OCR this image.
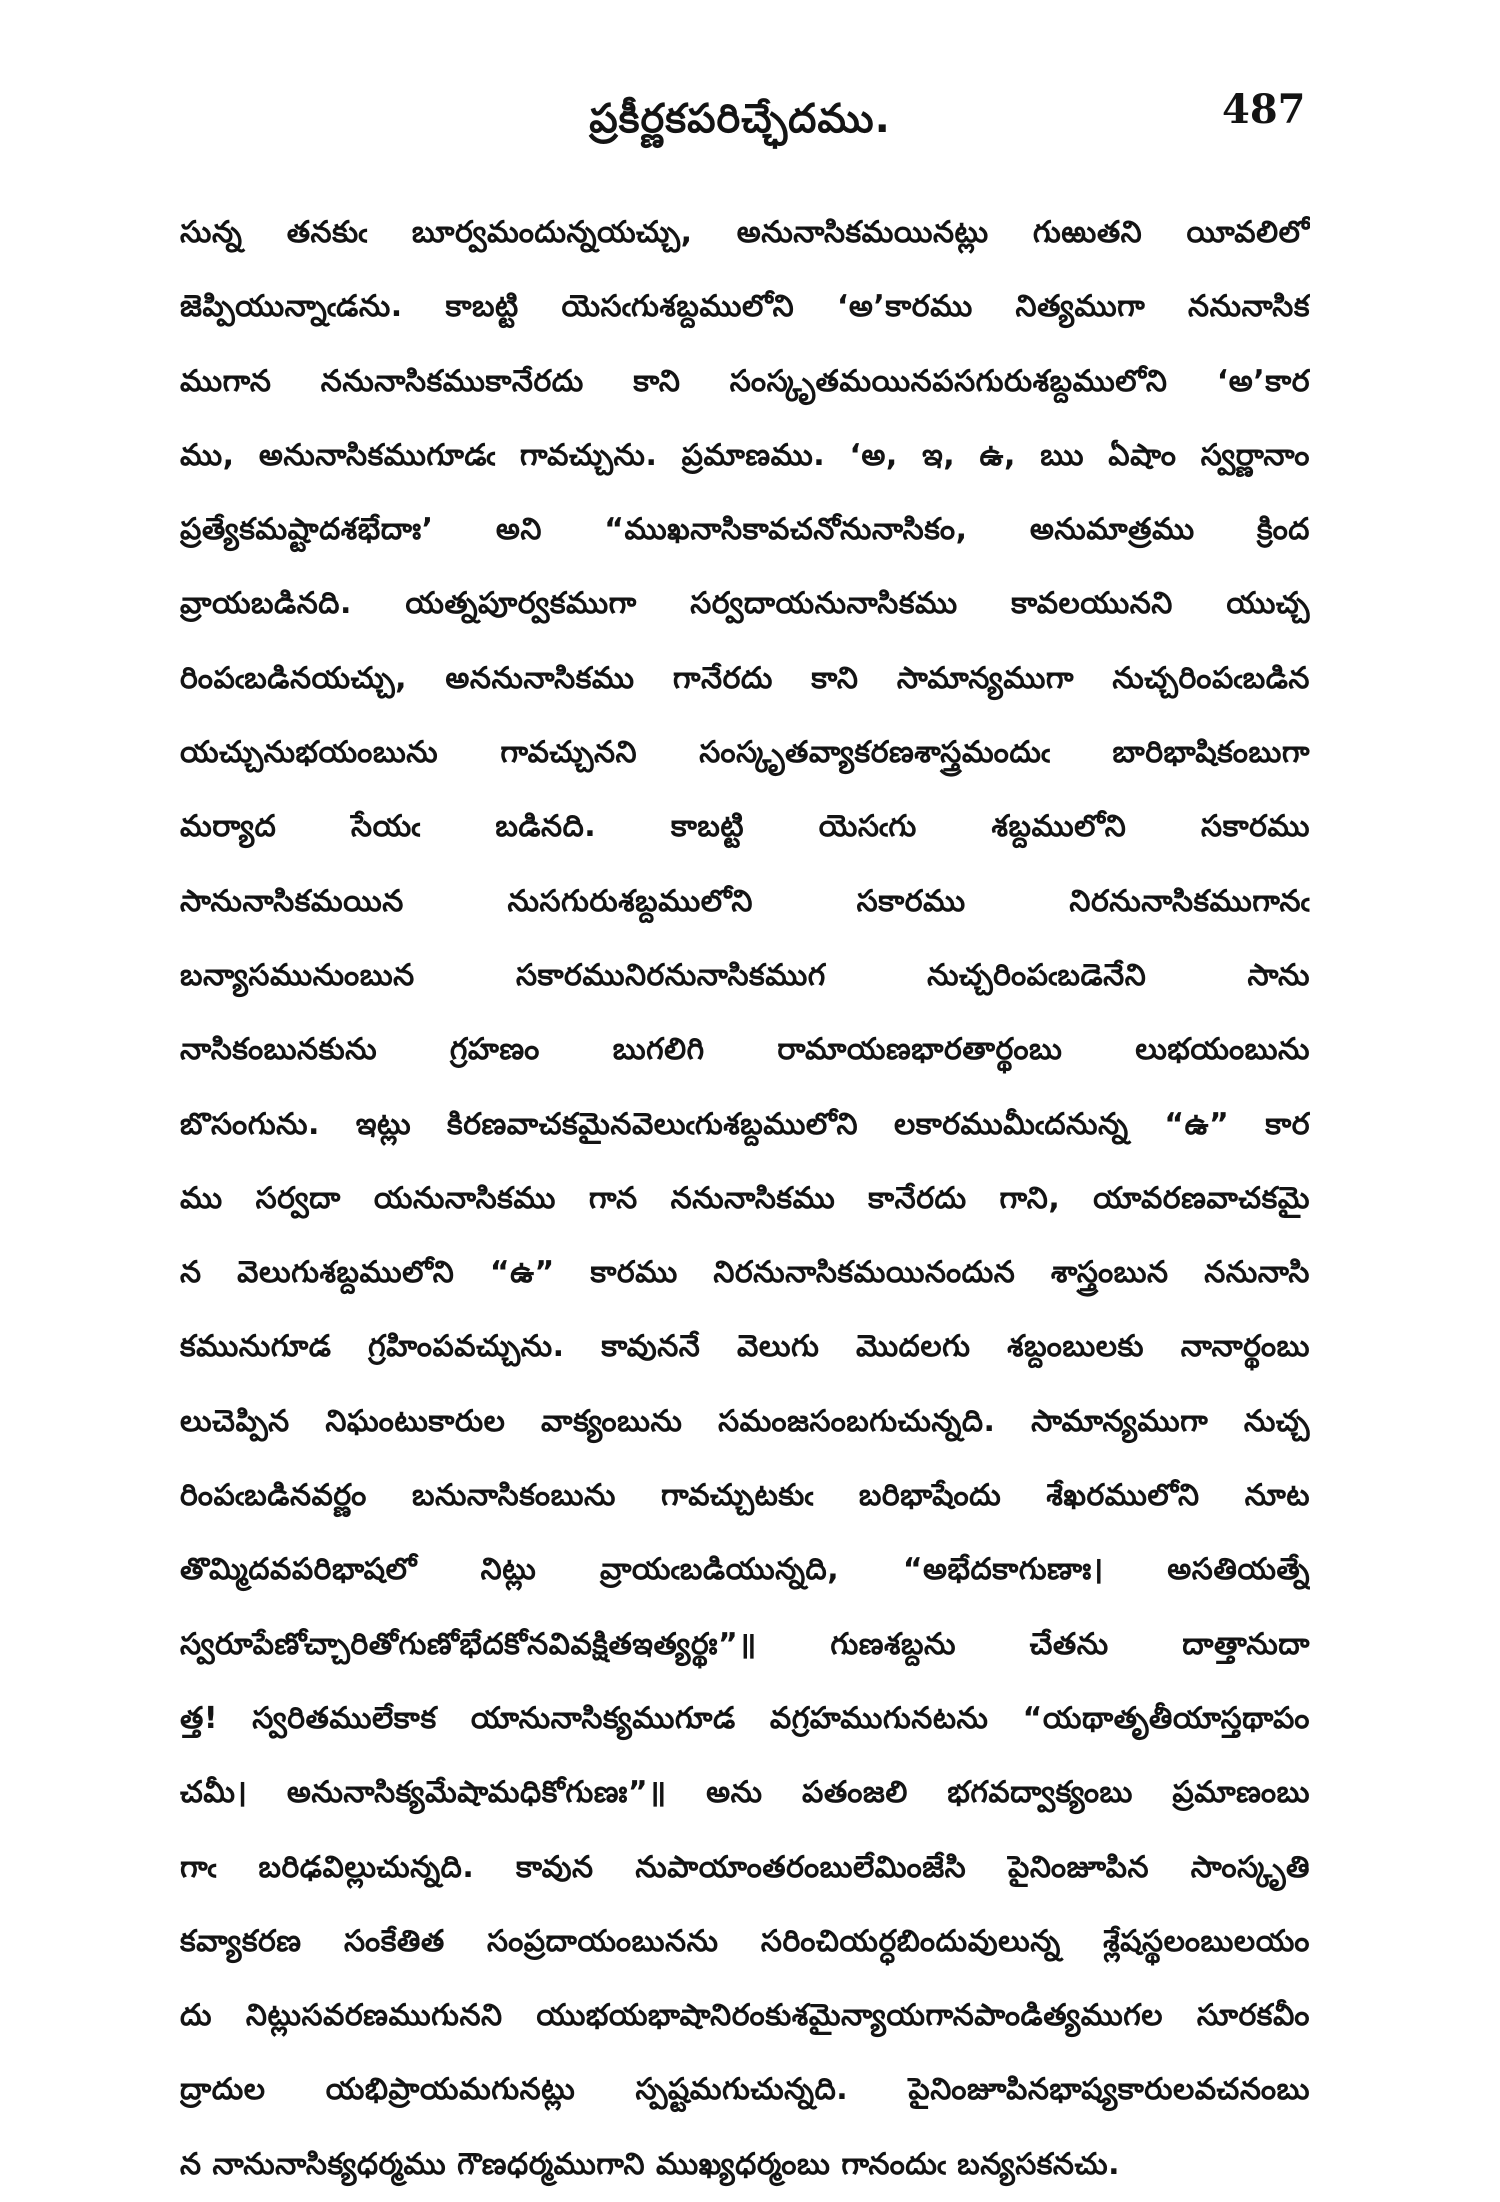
ప్రకీర్ణకపరిచ్ఛేదము.	487
సున్న తనకుఁ బూర్వమందున్నయచ్చు, అనునాసికమయినట్లు గుఱుతని యీవలిలో
జెప్పియున్నాఁడను. కాబట్టి యెసఁగుశబ్దములోని ‘అ’కారము నిత్యముగా ననునాసిక
ముగాన ననునాసికముకానేరదు కాని సంస్కృతమయినపసగురుశబ్దములోని ‘అ’కార
ము, అనునాసికముగూడఁ గావచ్చును. ప్రమాణము. ‘అ, ఇ, ఉ, ఋ ఏషాం స్వర్ణానాం
ప్రత్యేకమష్టాదశభేదాః’ అని “ముఖనాసికావచనోనునాసికం, అనుమాత్రము క్రింద
వ్రాయబడినది. యత్నపూర్వకముగా సర్వదాయనునాసికము కావలయునని యుచ్చ
రింపఁబడినయచ్చు, అననునాసికము గానేరదు కాని సామాన్యముగా నుచ్చరింపఁబడిన
యచ్చునుభయంబును గావచ్చునని సంస్కృతవ్యాకరణశాస్త్రమందుఁ బారిభాషికంబుగా
మర్యాద సేయఁ బడినది. కాబట్టి యెసఁగు శబ్దములోని సకారము
సానునాసికమయిన నుసగురుశబ్దములోని సకారము నిరనునాసికముగానఁ
బన్యాసమునుంబున సకారమునిరనునాసికముగ నుచ్చరింపఁబడెనేని సాను
నాసికంబునకును గ్రహణం బుగలిగి రామాయణభారతార్థంబు లుభయంబును
బొసంగును. ఇట్లు కిరణవాచకమైనవెలుఁగుశబ్దములోని లకారముమీఁదనున్న “ఉ” కార
ము సర్వదా యనునాసికము గాన ననునాసికము కానేరదు గాని, యావరణవాచకమై
న వెలుగుశబ్దములోని “ఉ” కారము నిరనునాసికమయినందున శాస్త్రంబున ననునాసి
కమునుగూడ గ్రహింపవచ్చును. కావుననే వెలుగు మొదలగు శబ్దంబులకు నానార్థంబు
లుచెప్పిన నిఘంటుకారుల వాక్యంబును సమంజసంబగుచున్నది. సామాన్యముగా నుచ్చ
రింపఁబడినవర్ణం బనునాసికంబును గావచ్చుటకుఁ బరిభాషేందు శేఖరములోని నూట
తొమ్మిదవపరిభాషలో నిట్లు వ్రాయఁబడియున్నది, “అభేదకాగుణాః। అసతియత్నే
స్వరూపేణోచ్చారితోగుణోభేదకోనవివక్షితఇత్యర్థః”॥ గుణశబ్దను చేతను దాత్తానుదా
త్త! స్వరితములేకాక యానునాసిక్యముగూడ వగ్రహముగునటను “యథాతృతీయాస్తథాపం
చమీ। అనునాసిక్యమేషామధికోగుణః”॥ అను పతంజలి భగవద్వాక్యంబు ప్రమాణంబు
గాఁ బరిఢవిల్లుచున్నది. కావున నుపాయాంతరంబులేమింజేసి పైనింజూపిన సాంస్కృతి
కవ్యాకరణ సంకేతిత సంప్రదాయంబునను సరించియర్ధబిందువులున్న శ్లేషస్థలంబులయం
దు నిట్లుసవరణముగునని యుభయభాషానిరంకుశమైన్యాయగానపాండిత్యముగల సూరకవీం
ద్రాదుల యభిప్రాయమగునట్లు స్పష్టమగుచున్నది. పైనింజూపినభాష్యకారులవచనంబు
న నానునాసిక్యధర్మము గౌణధర్మముగాని ముఖ్యధర్మంబు గానందుఁ బన్యసకనచు.
